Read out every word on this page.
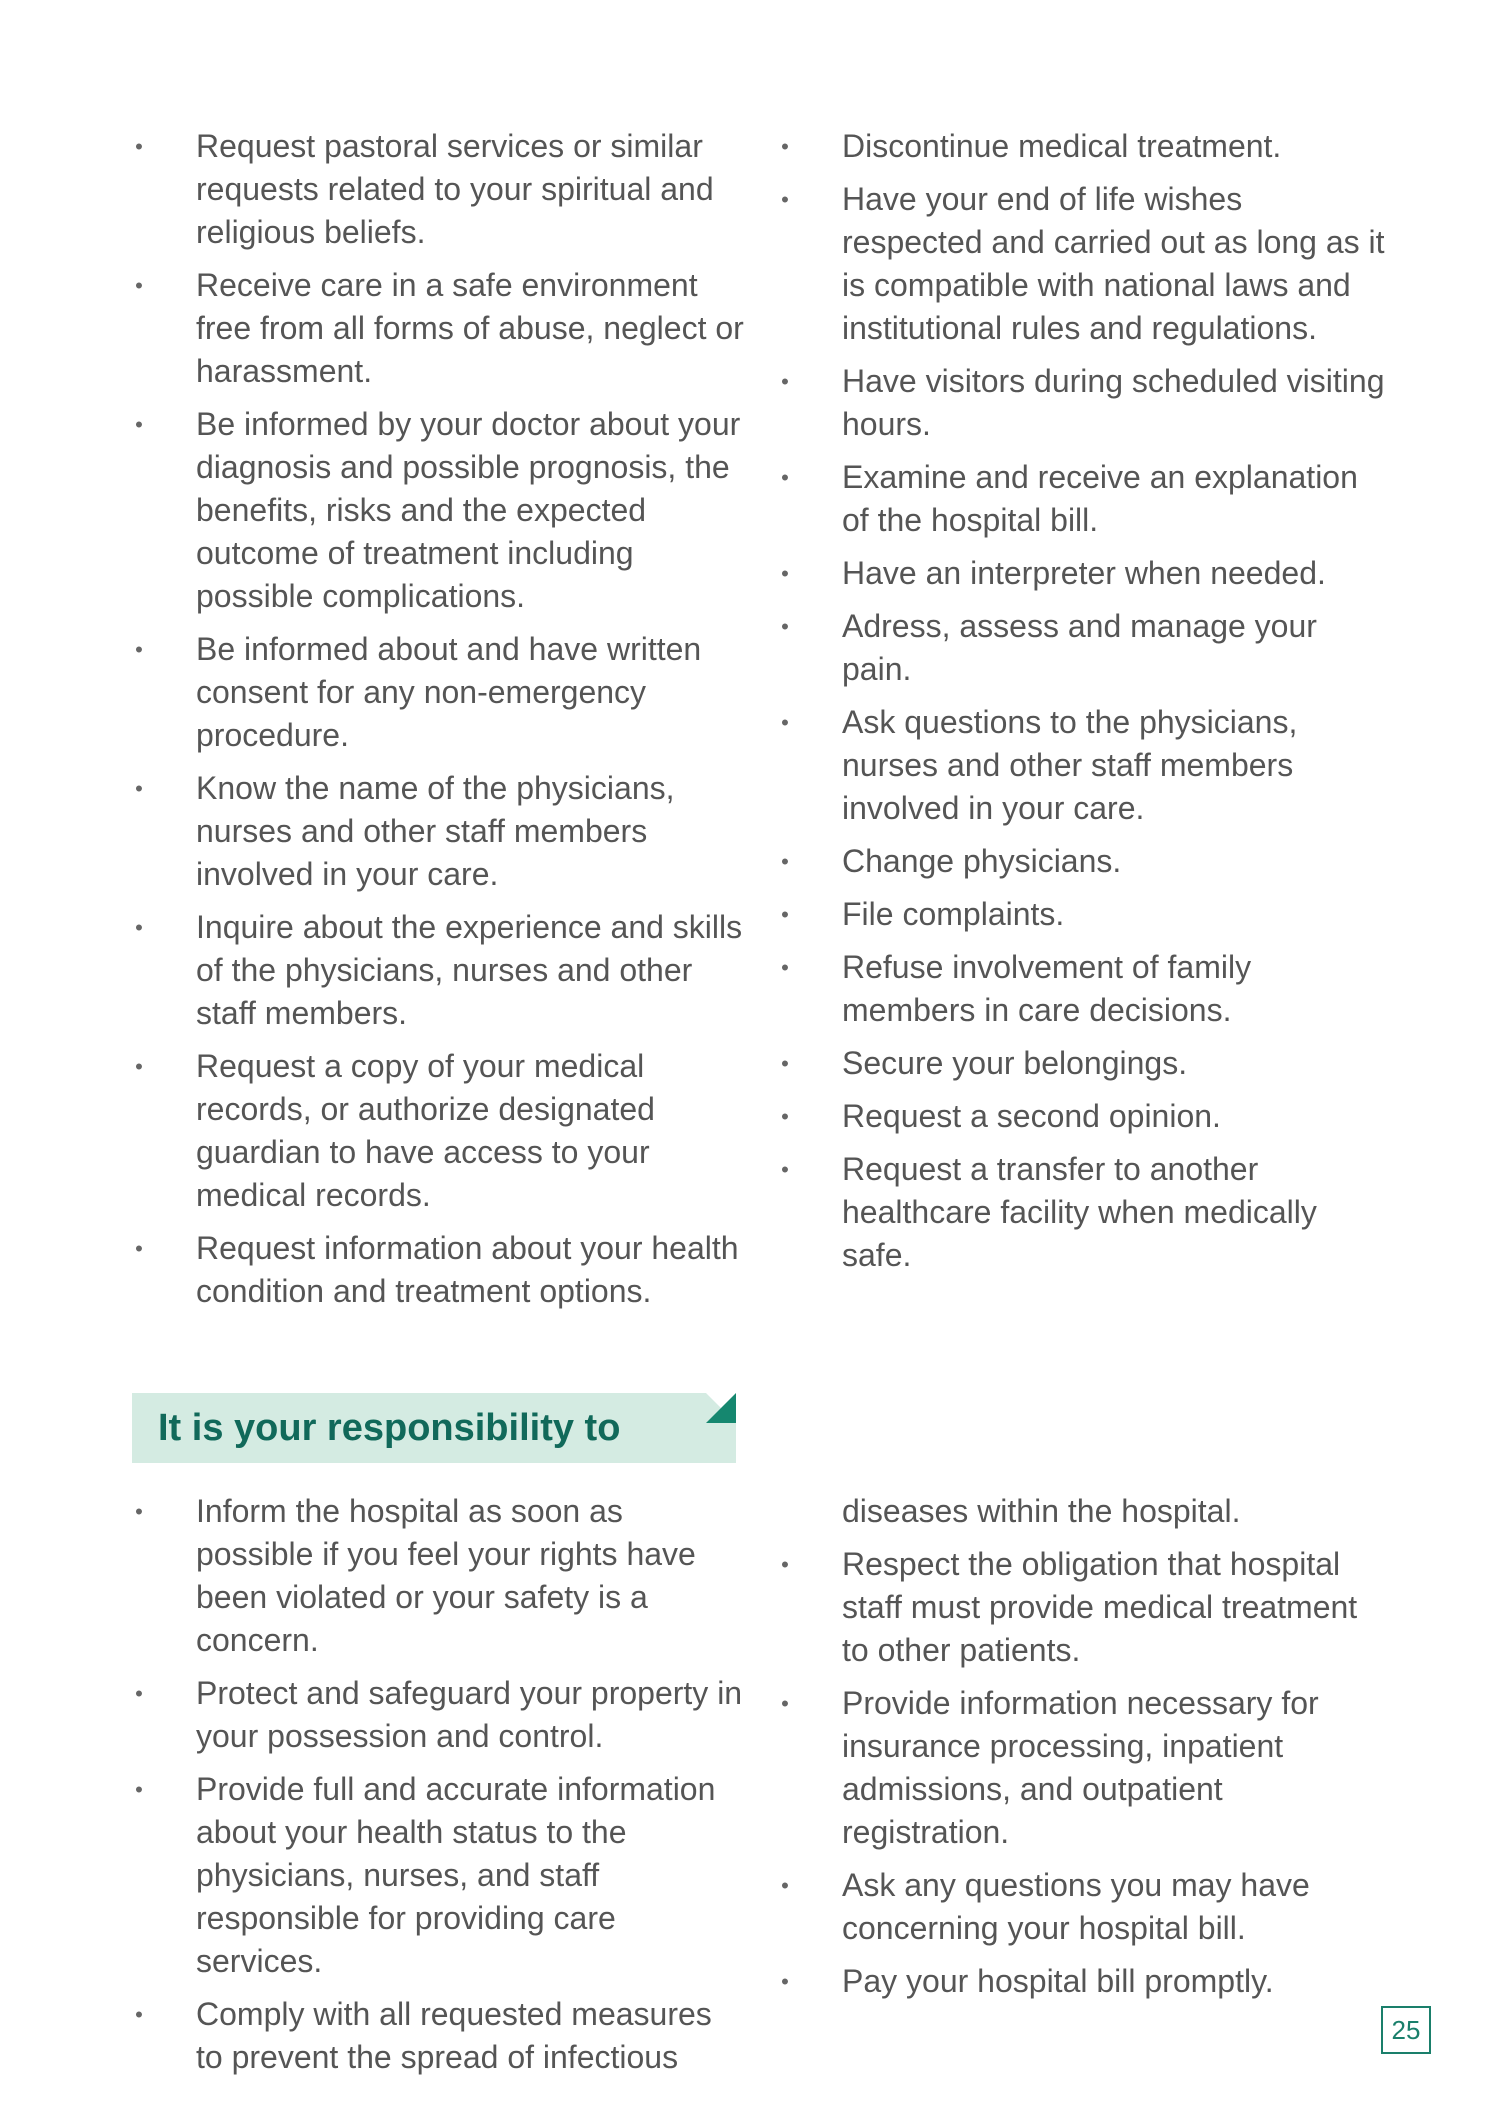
• Request pastoral services or similar requests related to your spiritual and religious beliefs.
• Receive care in a safe environment free from all forms of abuse, neglect or harassment.
• Be informed by your doctor about your diagnosis and possible prognosis, the benefits, risks and the expected outcome of treatment including possible complications.
• Be informed about and have written consent for any non-emergency procedure.
• Know the name of the physicians, nurses and other staff members involved in your care.
• Inquire about the experience and skills of the physicians, nurses and other staff members.
• Request a copy of your medical records, or authorize designated guardian to have access to your medical records.
• Request information about your health condition and treatment options.
• Discontinue medical treatment.
• Have your end of life wishes respected and carried out as long as it is compatible with national laws and institutional rules and regulations.
• Have visitors during scheduled visiting hours.
• Examine and receive an explanation of the hospital bill.
• Have an interpreter when needed.
• Adress, assess and manage your pain.
• Ask questions to the physicians, nurses and other staff members involved in your care.
• Change physicians.
• File complaints.
• Refuse involvement of family members in care decisions.
• Secure your belongings.
• Request a second opinion.
• Request a transfer to another healthcare facility when medically safe.
It is your responsibility to
• Inform the hospital as soon as possible if you feel your rights have been violated or your safety is a concern.
• Protect and safeguard your property in your possession and control.
• Provide full and accurate information about your health status to the physicians, nurses, and staff responsible for providing care services.
• Comply with all requested measures to prevent the spread of infectious
diseases within the hospital.
• Respect the obligation that hospital staff must provide medical treatment to other patients.
• Provide information necessary for insurance processing, inpatient admissions, and outpatient registration.
• Ask any questions you may have concerning your hospital bill.
• Pay your hospital bill promptly.
25
